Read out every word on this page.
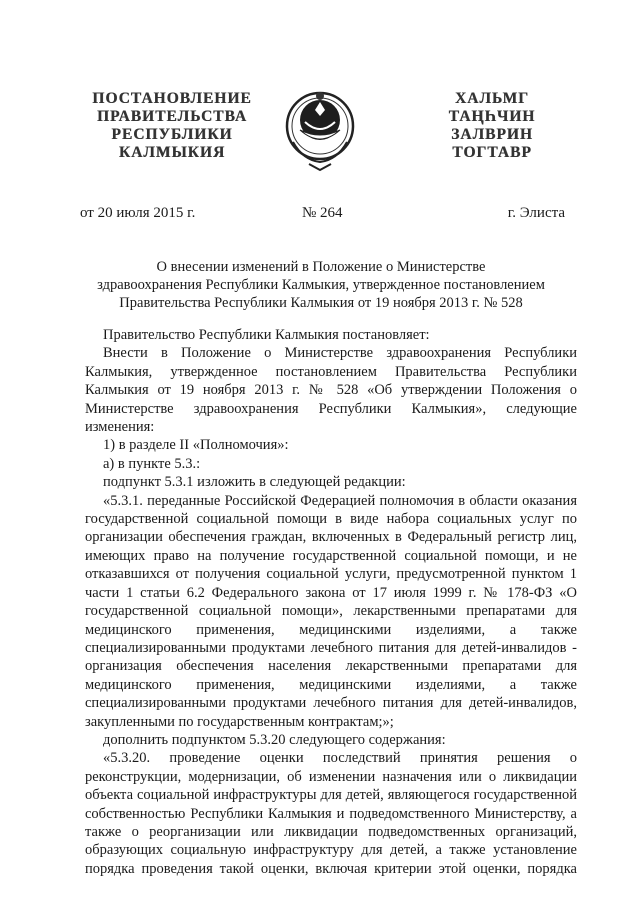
ПОСТАНОВЛЕНИЕ
ПРАВИТЕЛЬСТВА
РЕСПУБЛИКИ
КАЛМЫКИЯ
ХАЛЬМГ
ТАҢҺЧИН
ЗАЛВРИН
ТОГТАВР
от 20 июля 2015 г.	№ 264	г. Элиста
О внесении изменений в Положение о Министерстве
здравоохранения Республики Калмыкия, утвержденное постановлением
Правительства Республики Калмыкия от 19 ноября 2013 г. № 528

Правительство Республики Калмыкия постановляет:

Внести в Положение о Министерстве здравоохранения Республики Калмыкия, утвержденное постановлением Правительства Республики Калмыкия от 19 ноября 2013 г. № 528 «Об утверждении Положения о Министерстве здравоохранения Республики Калмыкия», следующие изменения:

1) в разделе II «Полномочия»:

а) в пункте 5.3.:

подпункт 5.3.1 изложить в следующей редакции:

«5.3.1. переданные Российской Федерацией полномочия в области оказания государственной социальной помощи в виде набора социальных услуг по организации обеспечения граждан, включенных в Федеральный регистр лиц, имеющих право на получение государственной социальной помощи, и не отказавшихся от получения социальной услуги, предусмотренной пунктом 1 части 1 статьи 6.2 Федерального закона от 17 июля 1999 г. № 178-ФЗ «О государственной социальной помощи», лекарственными препаратами для медицинского применения, медицинскими изделиями, а также специализированными продуктами лечебного питания для детей-инвалидов - организация обеспечения населения лекарственными препаратами для медицинского применения, медицинскими изделиями, а также специализированными продуктами лечебного питания для детей-инвалидов, закупленными по государственным контрактам;»;

дополнить подпунктом 5.3.20 следующего содержания:

«5.3.20. проведение оценки последствий принятия решения о реконструкции, модернизации, об изменении назначения или о ликвидации объекта социальной инфраструктуры для детей, являющегося государственной собственностью Республики Калмыкия и подведомственного Министерству, а также о реорганизации или ликвидации подведомственных организаций, образующих социальную инфраструктуру для детей, а также установление порядка проведения такой оценки, включая критерии этой оценки, порядка
